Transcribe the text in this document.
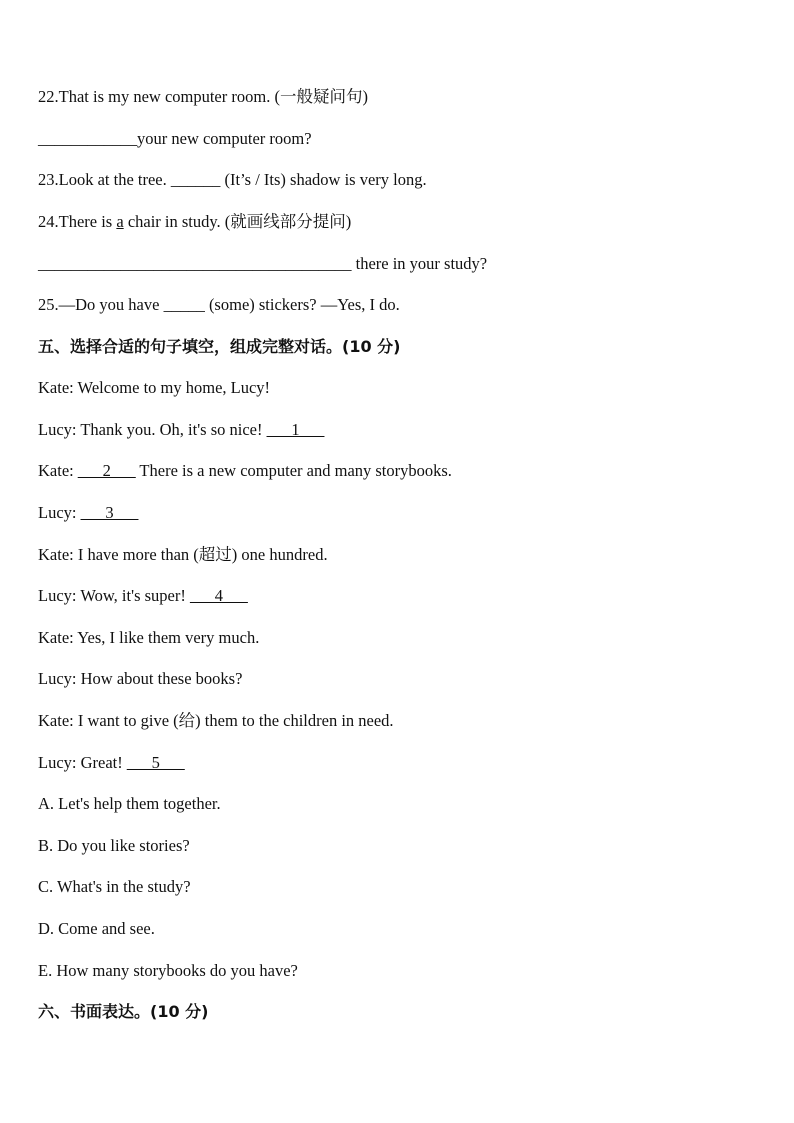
22.That is my new computer room. (一般疑问句)
____________your new computer room?
23.Look at the tree. ______ (It’s / Its) shadow is very long.
24.There is a chair in study. (就画线部分提问)
______________________________________ there in your study?
25.—Do you have _____ (some) stickers? —Yes, I do.
五、选择合适的句子填空，组成完整对话。(10 分)
Kate: Welcome to my home, Lucy!
Lucy: Thank you. Oh, it's so nice! ___1___
Kate: ___2___ There is a new computer and many storybooks.
Lucy: ___3___
Kate: I have more than (超过) one hundred.
Lucy: Wow, it's super! ___4___
Kate: Yes, I like them very much.
Lucy: How about these books?
Kate: I want to give (给) them to the children in need.
Lucy: Great! ___5___
A. Let's help them together.
B. Do you like stories?
C. What's in the study?
D. Come and see.
E. How many storybooks do you have?
六、书面表达。(10 分)
